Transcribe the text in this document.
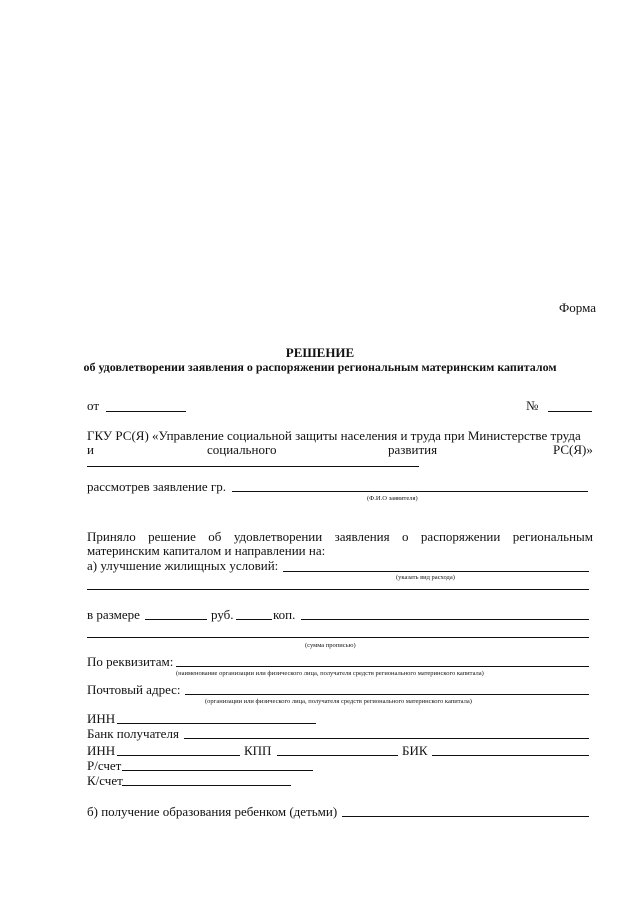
Форма
РЕШЕНИЕ
об удовлетворении заявления о распоряжении региональным материнским капиталом
от	№
ГКУ РС(Я) «Управление социальной защиты населения и труда при Министерстве труда
и	социального	развития	РС(Я)»
рассмотрев заявление гр.
(Ф.И.О заявителя)
Приняло решение об удовлетворении заявления о распоряжении региональным
материнским капиталом и направлении на:
а) улучшение жилищных условий:
(указать вид расхода)
в размере	руб.	коп.
(сумма прописью)
По реквизитам:
(наименование организации или физического лица, получателя средств регионального материнского капитала)
Почтовый адрес:
(организации или физического лица, получателя средств регионального материнского капитала)
ИНН
Банк получателя
ИНН	КПП	БИК
Р/счет
К/счет
б) получение образования ребенком (детьми)
